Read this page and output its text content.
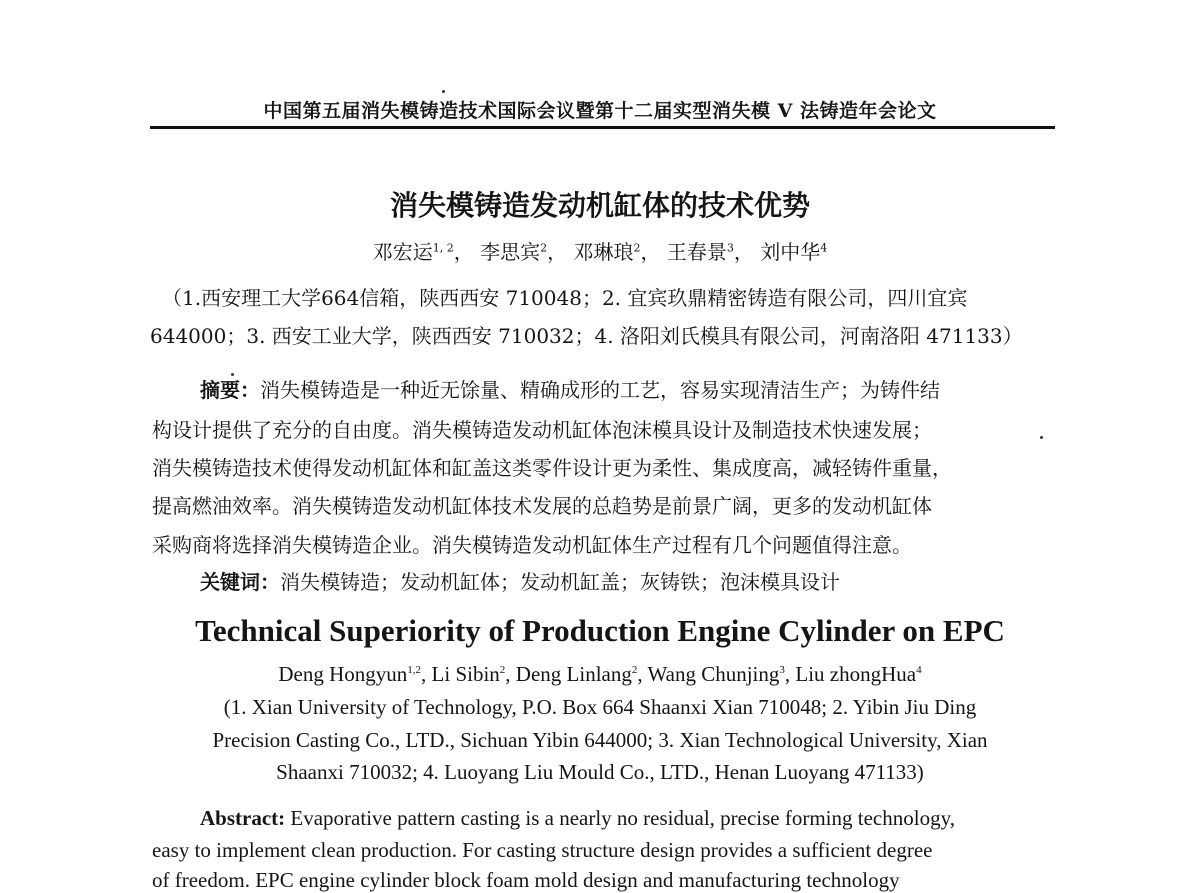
中国第五届消失模铸造技术国际会议暨第十二届实型消失模 V 法铸造年会论文
消失模铸造发动机缸体的技术优势
邓宏运$^{1, 2}$， 李思宾$^2$， 邓琳琅$^2$， 王春景$^3$， 刘中华$^4$
（1.西安理工大学664信箱，陕西西安 710048；2. 宜宾玖鼎精密铸造有限公司，四川宜宾
644000；3. 西安工业大学，陕西西安 710032；4. 洛阳刘氏模具有限公司，河南洛阳 471133）
摘要：消失模铸造是一种近无馀量、精确成形的工艺，容易实现清洁生产；为铸件结
构设计提供了充分的自由度。消失模铸造发动机缸体泡沫模具设计及制造技术快速发展；
消失模铸造技术使得发动机缸体和缸盖这类零件设计更为柔性、集成度高，减轻铸件重量，
提高燃油效率。消失模铸造发动机缸体技术发展的总趋势是前景广阔，更多的发动机缸体
采购商将选择消失模铸造企业。消失模铸造发动机缸体生产过程有几个问题值得注意。
关键词：消失模铸造；发动机缸体；发动机缸盖；灰铸铁；泡沫模具设计
Technical Superiority of Production Engine Cylinder on EPC
Deng Hongyun$^{1,2}$, Li Sibin$^2$, Deng Linlang$^2$, Wang Chunjing$^3$, Liu zhongHua$^4$
(1. Xian University of Technology, P.O. Box 664 Shaanxi Xian 710048; 2. Yibin Jiu Ding
Precision Casting Co., LTD., Sichuan Yibin 644000; 3. Xian Technological University, Xian
Shaanxi 710032; 4. Luoyang Liu Mould Co., LTD., Henan Luoyang 471133)
Abstract: Evaporative pattern casting is a nearly no residual, precise forming technology,
easy to implement clean production. For casting structure design provides a sufficient degree
of freedom. EPC engine cylinder block foam mold design and manufacturing technology
